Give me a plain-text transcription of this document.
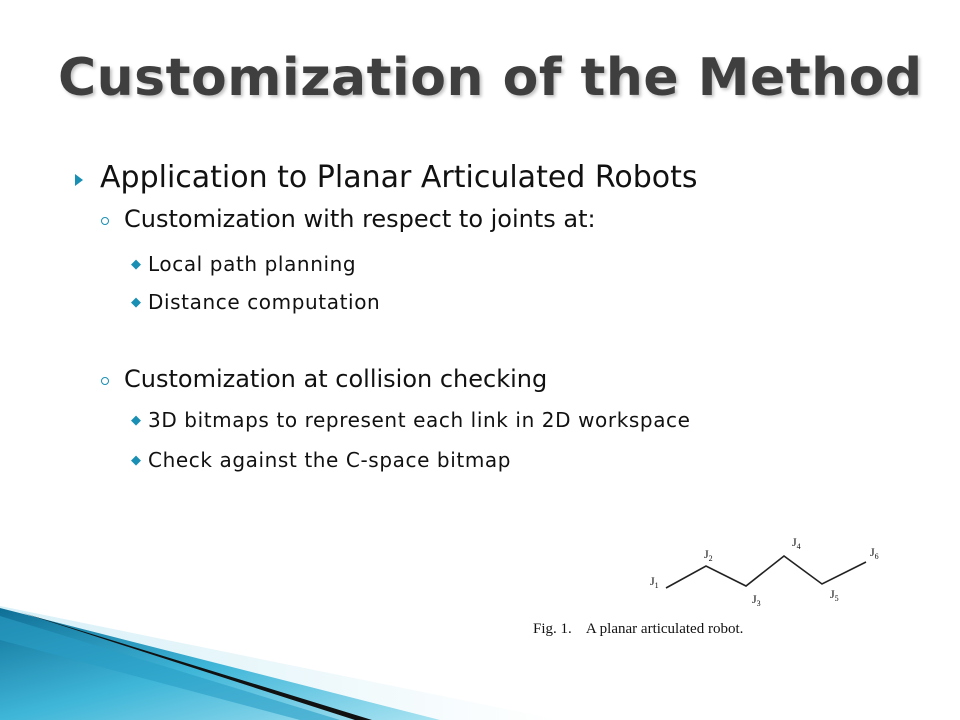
Customization of the Method
Application to Planar Articulated Robots
Customization with respect to joints at:
◆ Local path planning
◆ Distance computation
Customization at collision checking
◆ 3D bitmaps to represent each link in 2D workspace
◆ Check against the C-space bitmap
$J_1$
$J_2$
$J_3$
$J_4$
$J_5$
$J_6$
Fig. 1.    A planar articulated robot.
